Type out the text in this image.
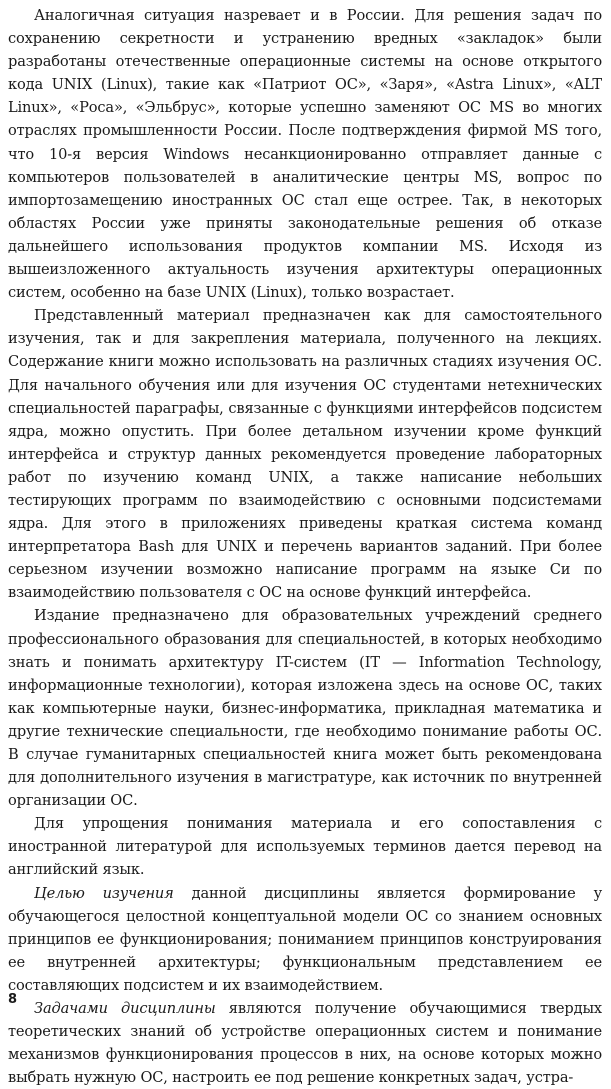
Аналогичная ситуация назревает и в России. Для решения задач по сохранению секретности и устранению вредных «закладок» были разработаны отечественные операционные системы на основе открытого кода UNIX (Linux), такие как «Патриот ОС», «Заря», «Astra Linux», «ALT Linux», «Роса», «Эльбрус», которые успешно заменяют ОС MS во многих отраслях промышленности России. После подтверждения фирмой MS того, что 10-я версия Windows несанкционированно отправляет данные с компьютеров пользователей в аналитические центры MS, вопрос по импортозамещению иностранных ОС стал еще острее. Так, в некоторых областях России уже приняты законодательные решения об отказе дальнейшего использования продуктов компании MS. Исходя из вышеизложенного актуальность изучения архитектуры операционных систем, особенно на базе UNIX (Linux), только возрастает.

Представленный материал предназначен как для самостоятельного изучения, так и для закрепления материала, полученного на лекциях. Содержание книги можно использовать на различных стадиях изучения ОС. Для начального обучения или для изучения ОС студентами нетехнических специальностей параграфы, связанные с функциями интерфейсов подсистем ядра, можно опустить. При более детальном изучении кроме функций интерфейса и структур данных рекомендуется проведение лабораторных работ по изучению команд UNIX, а также написание небольших тестирующих программ по взаимодействию с основными подсистемами ядра. Для этого в приложениях приведены краткая система команд интерпретатора Bash для UNIX и перечень вариантов заданий. При более серьезном изучении возможно написание программ на языке Си по взаимодействию пользователя с ОС на основе функций интерфейса.

Издание предназначено для образовательных учреждений среднего профессионального образования для специальностей, в которых необходимо знать и понимать архитектуру IT-систем (IT — Information Technology, информационные технологии), которая изложена здесь на основе ОС, таких как компьютерные науки, бизнес-информатика, прикладная математика и другие технические специальности, где необходимо понимание работы ОС. В случае гуманитарных специальностей книга может быть рекомендована для дополнительного изучения в магистратуре, как источник по внутренней организации ОС.

Для упрощения понимания материала и его сопоставления с иностранной литературой для используемых терминов дается перевод на английский язык.

Целью изучения данной дисциплины является формирование у обучающегося целостной концептуальной модели ОС со знанием основных принципов ее функционирования; пониманием принципов конструирования ее внутренней архитектуры; функциональным представлением ее составляющих подсистем и их взаимодействием.

Задачами дисциплины являются получение обучающимися твердых теоретических знаний об устройстве операционных систем и понимание механизмов функционирования процессов в них, на основе которых можно выбрать нужную ОС, настроить ее под решение конкретных задач, устра-

8
